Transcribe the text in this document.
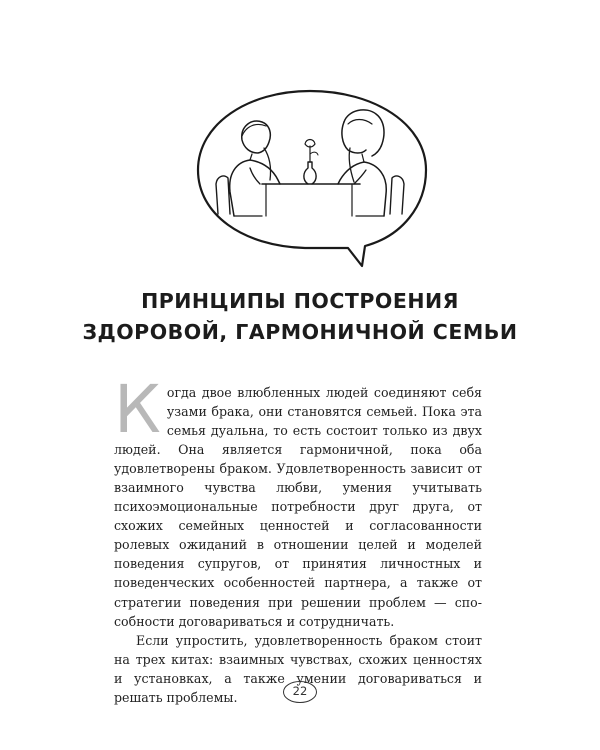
ПРИНЦИПЫ ПОСТРОЕНИЯ
ЗДОРОВОЙ, ГАРМОНИЧНОЙ СЕМЬИ

Когда двое влюбленных людей соединяют себя узами брака, они становятся семьей. Пока эта семья дуальна, то есть состоит только из двух людей. Она является гармоничной, пока оба удовлетворены браком. Удовлетворенность зависит от взаимного чувства любви, умения учитывать психоэмоциональные потребности друг друга, от схожих семейных ценностей и согласованности ролевых ожиданий в отношении целей и моделей поведения супругов, от принятия личностных и поведенческих особенностей партнера, а также от стратегии поведения при решении проблем — способности договариваться и сотрудничать.

Если упростить, удовлетворенность браком стоит на трех китах: взаимных чувствах, схожих ценностях и установках, а также умении договариваться и решать проблемы.	22
